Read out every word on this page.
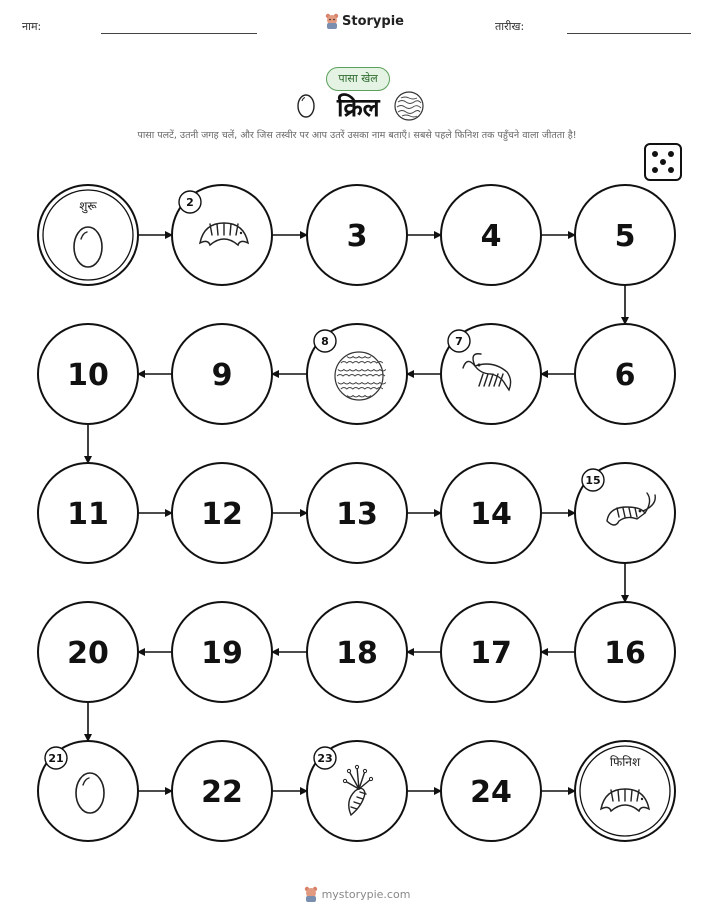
नाम:	Storypie	तारीख:
पासा खेल
क्रिल
पासा पलटें, उतनी जगह चलें, और जिस तस्वीर पर आप उतरें उसका नाम बताएँ। सबसे पहले फिनिश तक पहुँचने वाला जीतता है!
शुरू	2
3	4	5
6
7
8
9
10
11	12	13	14
15
16
17
18
19
20
21
22
23
24
फिनिश
mystorypie.com
